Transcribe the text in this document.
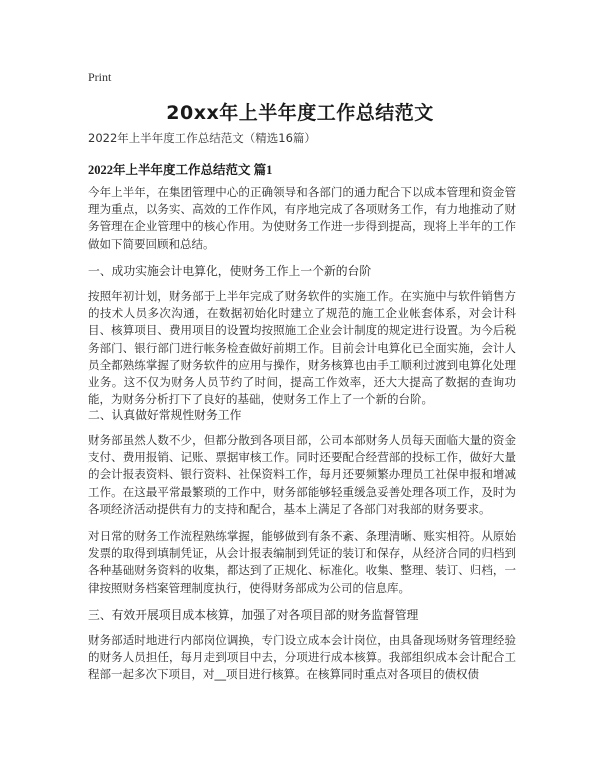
Print
20xx年上半年度工作总结范文
2022年上半年度工作总结范文（精选16篇）
2022年上半年度工作总结范文 篇1
今年上半年，在集团管理中心的正确领导和各部门的通力配合下以成本管理和资金管理为重点，以务实、高效的工作作风，有序地完成了各项财务工作，有力地推动了财务管理在企业管理中的核心作用。为使财务工作进一步得到提高，现将上半年的工作做如下简要回顾和总结。
一、成功实施会计电算化，使财务工作上一个新的台阶
按照年初计划，财务部于上半年完成了财务软件的实施工作。在实施中与软件销售方的技术人员多次沟通，在数据初始化时建立了规范的施工企业帐套体系，对会计科目、核算项目、费用项目的设置均按照施工企业会计制度的规定进行设置。为今后税务部门、银行部门进行帐务检查做好前期工作。目前会计电算化已全面实施，会计人员全都熟练掌握了财务软件的应用与操作，财务核算也由手工顺利过渡到电算化处理业务。这不仅为财务人员节约了时间，提高工作效率，还大大提高了数据的查询功能，为财务分析打下了良好的基础，使财务工作上了一个新的台阶。
二、认真做好常规性财务工作
财务部虽然人数不少，但都分散到各项目部，公司本部财务人员每天面临大量的资金支付、费用报销、记账、票据审核工作。同时还要配合经营部的投标工作，做好大量的会计报表资料、银行资料、社保资料工作，每月还要频繁办理员工社保申报和增减工作。在这最平常最繁琐的工作中，财务部能够轻重缓急妥善处理各项工作，及时为各项经济活动提供有力的支持和配合，基本上满足了各部门对我部的财务要求。
对日常的财务工作流程熟练掌握，能够做到有条不紊、条理清晰、账实相符。从原始发票的取得到填制凭证，从会计报表编制到凭证的装订和保存，从经济合同的归档到各种基础财务资料的收集，都达到了正规化、标准化。收集、整理、装订、归档，一律按照财务档案管理制度执行，使得财务部成为公司的信息库。
三、有效开展项目成本核算，加强了对各项目部的财务监督管理
财务部适时地进行内部岗位调换，专门设立成本会计岗位，由具备现场财务管理经验的财务人员担任，每月走到项目中去，分项进行成本核算。我部组织成本会计配合工程部一起多次下项目，对__项目进行核算。在核算同时重点对各项目的债权债
